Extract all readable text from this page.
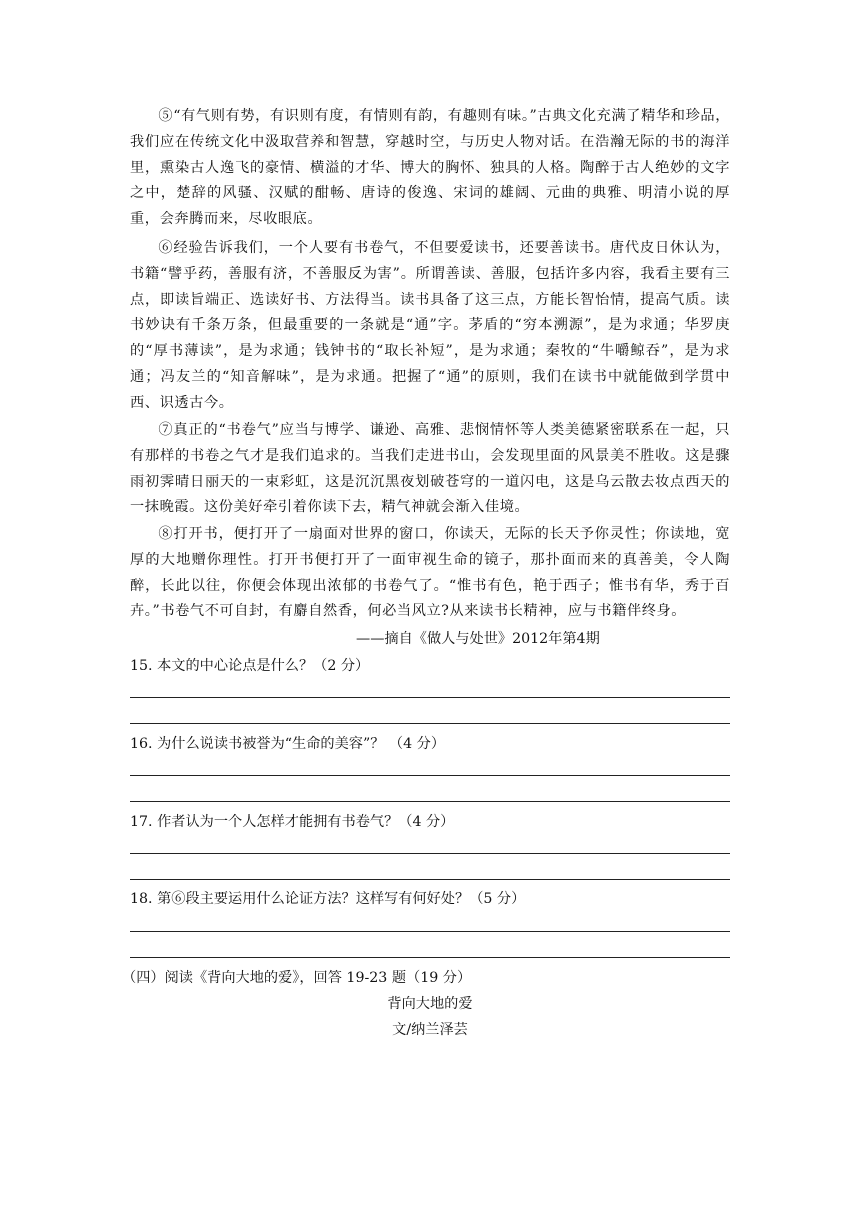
⑤“有气则有势，有识则有度，有情则有韵，有趣则有味。”古典文化充满了精华和珍品，我们应在传统文化中汲取营养和智慧，穿越时空，与历史人物对话。在浩瀚无际的书的海洋里，熏染古人逸飞的豪情、横溢的才华、博大的胸怀、独具的人格。陶醉于古人绝妙的文字之中，楚辞的风骚、汉赋的酣畅、唐诗的俊逸、宋词的雄阔、元曲的典雅、明清小说的厚重，会奔腾而来，尽收眼底。

⑥经验告诉我们，一个人要有书卷气，不但要爱读书，还要善读书。唐代皮日休认为，书籍“譬乎药，善服有济，不善服反为害”。所谓善读、善服，包括许多内容，我看主要有三点，即读旨端正、选读好书、方法得当。读书具备了这三点，方能长智怡情，提高气质。读书妙诀有千条万条，但最重要的一条就是“通”字。茅盾的“穷本溯源”，是为求通；华罗庚的“厚书薄读”，是为求通；钱钟书的“取长补短”，是为求通；秦牧的“牛嚼鲸吞”，是为求通；冯友兰的“知音解味”，是为求通。把握了“通”的原则，我们在读书中就能做到学贯中西、识透古今。

⑦真正的“书卷气”应当与博学、谦逊、高雅、悲悯情怀等人类美德紧密联系在一起，只有那样的书卷之气才是我们追求的。当我们走进书山，会发现里面的风景美不胜收。这是骤雨初霁晴日丽天的一束彩虹，这是沉沉黑夜划破苍穹的一道闪电，这是乌云散去妆点西天的一抹晚霞。这份美好牵引着你读下去，精气神就会渐入佳境。

⑧打开书，便打开了一扇面对世界的窗口，你读天，无际的长天予你灵性；你读地，宽厚的大地赠你理性。打开书便打开了一面审视生命的镜子，那扑面而来的真善美，令人陶醉，长此以往，你便会体现出浓郁的书卷气了。“惟书有色，艳于西子；惟书有华，秀于百卉。”书卷气不可自封，有麝自然香，何必当风立?从来读书长精神，应与书籍伴终身。

——摘自《做人与处世》2012年第4期

15. 本文的中心论点是什么？（2 分）

16. 为什么说读书被誉为“生命的美容”？ （4 分）

17. 作者认为一个人怎样才能拥有书卷气？（4 分）

18. 第⑥段主要运用什么论证方法？这样写有何好处？（5 分）

（四）阅读《背向大地的爱》，回答 19-23 题（19 分）
背向大地的爱
文/纳兰泽芸
